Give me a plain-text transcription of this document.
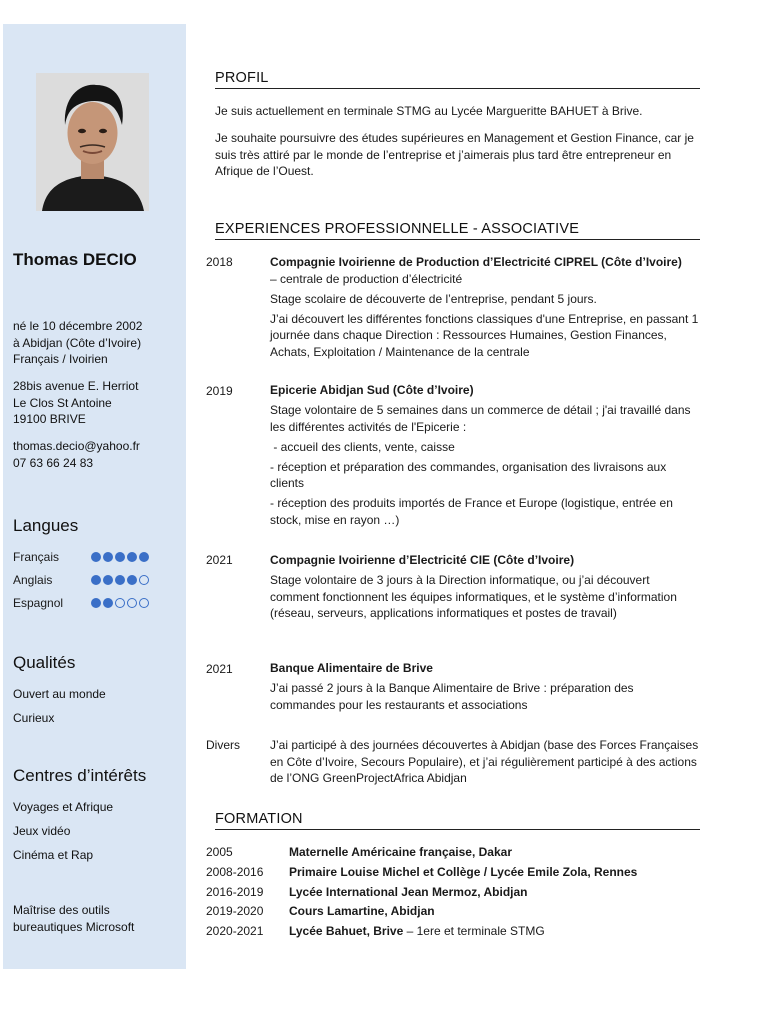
Thomas DECIO
né le 10 décembre 2002
à Abidjan (Côte d’Ivoire)
Français / Ivoirien
28bis avenue E. Herriot
Le Clos St Antoine
19100 BRIVE
thomas.decio@yahoo.fr
07 63 66 24 83
Langues
Français
Anglais
Espagnol
Qualités
Ouvert au monde
Curieux
Centres d’intérêts
Voyages et Afrique
Jeux vidéo
Cinéma et Rap
Maîtrise des outils
bureautiques Microsoft
PROFIL
Je suis actuellement en terminale STMG au Lycée Margueritte BAHUET à Brive.
Je souhaite poursuivre des études supérieures en Management et Gestion Finance, car je suis très attiré par le monde de l’entreprise et j’aimerais plus tard être entrepreneur en Afrique de l’Ouest.
EXPERIENCES PROFESSIONNELLE - ASSOCIATIVE
2018	Compagnie Ivoirienne de Production d’Electricité CIPREL (Côte d’Ivoire)
– centrale de production d’électricité

Stage scolaire de découverte de l’entreprise, pendant 5 jours.

J’ai découvert les différentes fonctions classiques d'une Entreprise, en passant 1 journée dans chaque Direction : Ressources Humaines, Gestion Finances, Achats, Exploitation / Maintenance de la centrale

2019	Epicerie Abidjan Sud (Côte d’Ivoire)

Stage volontaire de 5 semaines dans un commerce de détail ; j'ai travaillé dans les différentes activités de l'Epicerie :

- accueil des clients, vente, caisse

- réception et préparation des commandes, organisation des livraisons aux clients

- réception des produits importés de France et Europe (logistique, entrée en stock, mise en rayon …)

2021	Compagnie Ivoirienne d’Electricité CIE (Côte d’Ivoire)

Stage volontaire de 3 jours à la Direction informatique, ou j’ai découvert comment fonctionnent les équipes informatiques, et le système d’information (réseau, serveurs, applications informatiques et postes de travail)

2021	Banque Alimentaire de Brive

J’ai passé 2 jours à la Banque Alimentaire de Brive : préparation des commandes pour les restaurants et associations

Divers J’ai participé à des journées découvertes à Abidjan (base des Forces Françaises en Côte d’Ivoire, Secours Populaire), et j’ai régulièrement participé à des actions de l’ONG GreenProjectAfrica Abidjan

FORMATION
2005	Maternelle Américaine française, Dakar
2008-2016 Primaire Louise Michel et Collège / Lycée Emile Zola, Rennes
2016-2019 Lycée International Jean Mermoz, Abidjan
2019-2020 Cours Lamartine, Abidjan
2020-2021 Lycée Bahuet, Brive – 1ere et terminale STMG
